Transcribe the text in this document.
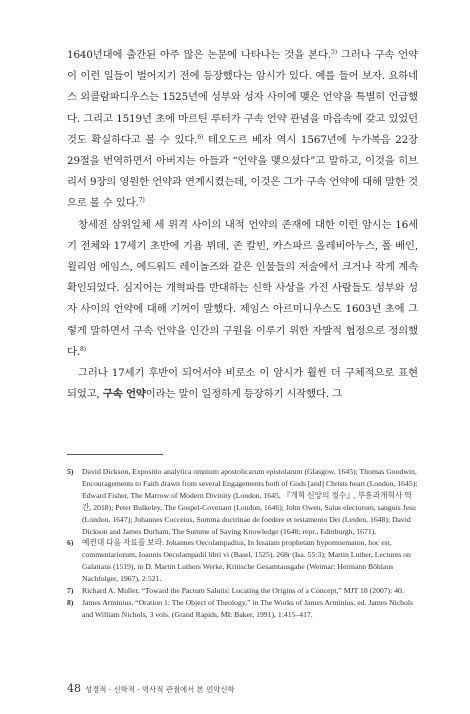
1640년대에 출간된 아주 많은 논문에 나타나는 것을 본다.$^{5)}$ 그러나 구속 언약이 이런 일들이 벌어지기 전에 등장했다는 암시가 있다. 예를 들어 보자. 요하네스 외콜람파디우스는 1525년에 성부와 성자 사이에 맺은 언약을 특별히 언급했다. 그리고 1519년 초에 마르틴 루터가 구속 언약 관념을 마음속에 갖고 있었던 것도 확실하다고 볼 수 있다.$^{6)}$ 테오도르 베자 역시 1567년에 누가복음 22장 29절을 번역하면서 아버지는 아들과 “언약을 맺으셨다”고 말하고, 이것을 히브리서 9장의 영원한 언약과 연계시켰는데, 이것은 그가 구속 언약에 대해 말한 것으로 볼 수 있다.$^{7)}$

창세전 삼위일체 세 위격 사이의 내적 언약의 존재에 대한 이런 암시는 16세기 전체와 17세기 초반에 기욤 뷔데, 존 칼빈, 카스파르 올레비아누스, 폴 베인, 윌리엄 에임스, 에드워드 레이놀즈와 같은 인물들의 저술에서 크거나 작게 계속 확인되었다. 심지어는 개혁파를 반대하는 신학 사상을 가진 사람들도 성부와 성자 사이의 언약에 대해 기꺼이 말했다. 제임스 아르미니우스도 1603년 초에 그렇게 말하면서 구속 언약을 인간의 구원을 이루기 위한 자발적 협정으로 정의했다.$^{8)}$

그러나 17세기 후반이 되어서야 비로소 이 암시가 훨씬 더 구체적으로 표현되었고, 구속 언약이라는 말이 일정하게 등장하기 시작했다. 그

5) David Dickson, Expositio analytica omnium apostolicarum epistolarum (Glasgow, 1645); Thomas Goodwin, Encouragements to Faith drawn from several Engagements both of Gods [and] Christs heart (London, 1645); Edward Fisher, The Marrow of Modern Divinity (London, 1645, 『개혁 신앙의 정수』, 부흥과개혁사 역간, 2018); Peter Bulkeley, The Gospel-Covenant (London, 1646); John Owen, Salus electorum, sanguis Jesu (London, 1647); Johannes Cocceius, Summa doctrinae de foedere et testamento Dei (Leiden, 1648); David Dickson and James Durham, The Summe of Saving Knowledge (1648; repr., Edinburgh, 1671).
6) 예컨대 다음 자료를 보라. Johannes Oecolampadius, In Iesaiam prophetam hypomnematon, hoc est, commentariorum, Ioannis Oecolampadii libri vi (Basel, 1525), 268r (Isa. 55:3); Martin Luther, Lectures on Galatians (1519), in D. Martin Luthers Werke, Kritische Gesamtausgabe (Weimar: Hermann Böhlaus Nachfolger, 1967), 2:521.
7) Richard A. Muller, “Toward the Pactum Salutis: Locating the Origins of a Concept,” MJT 18 (2007): 40.
8) James Arminius, “Oration 1: The Object of Theology,” in The Works of James Arminius, ed. James Nichols and William Nichols, 3 vols. (Grand Rapids, MI: Baker, 1991), 1:415–417.
48 성경적 · 신학적 · 역사적 관점에서 본 언약신학
